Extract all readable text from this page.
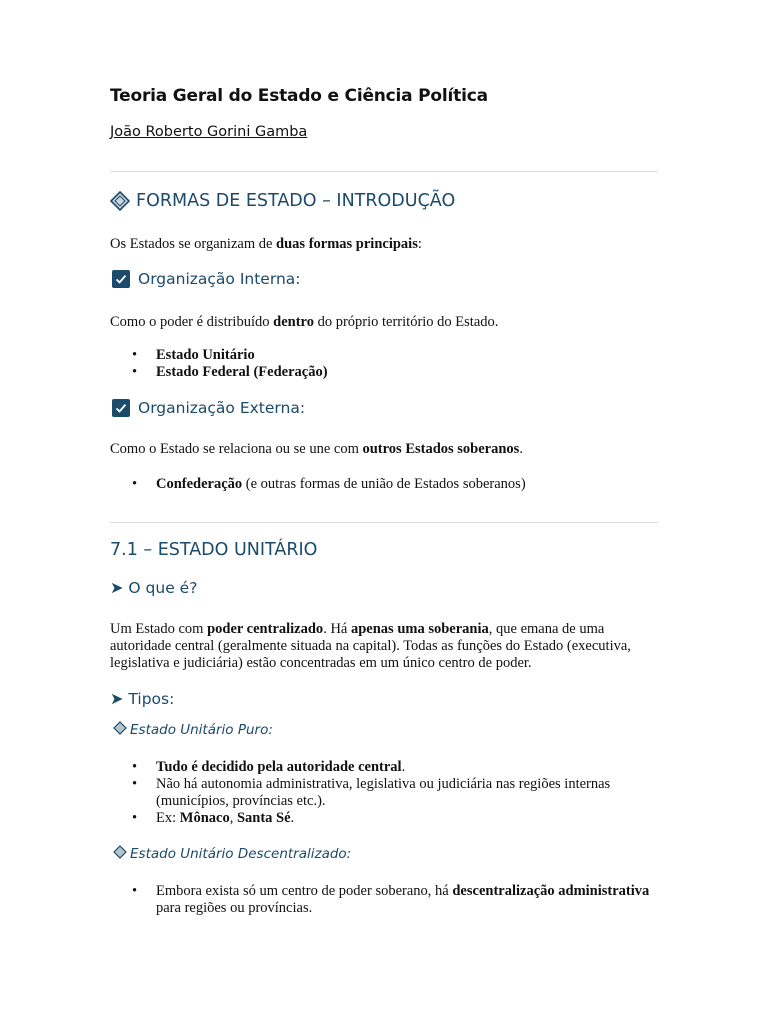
Teoria Geral do Estado e Ciência Política
João Roberto Gorini Gamba
FORMAS DE ESTADO – INTRODUÇÃO
Os Estados se organizam de duas formas principais:
Organização Interna:
Como o poder é distribuído dentro do próprio território do Estado.
• Estado Unitário
• Estado Federal (Federação)
Organização Externa:
Como o Estado se relaciona ou se une com outros Estados soberanos.
• Confederação (e outras formas de união de Estados soberanos)
7.1 – ESTADO UNITÁRIO
➤ O que é?
Um Estado com poder centralizado. Há apenas uma soberania, que emana de uma autoridade central (geralmente situada na capital). Todas as funções do Estado (executiva, legislativa e judiciária) estão concentradas em um único centro de poder.
➤ Tipos:
Estado Unitário Puro:
• Tudo é decidido pela autoridade central.
• Não há autonomia administrativa, legislativa ou judiciária nas regiões internas (municípios, províncias etc.).
• Ex: Mônaco, Santa Sé.
Estado Unitário Descentralizado:
• Embora exista só um centro de poder soberano, há descentralização administrativa para regiões ou províncias.
